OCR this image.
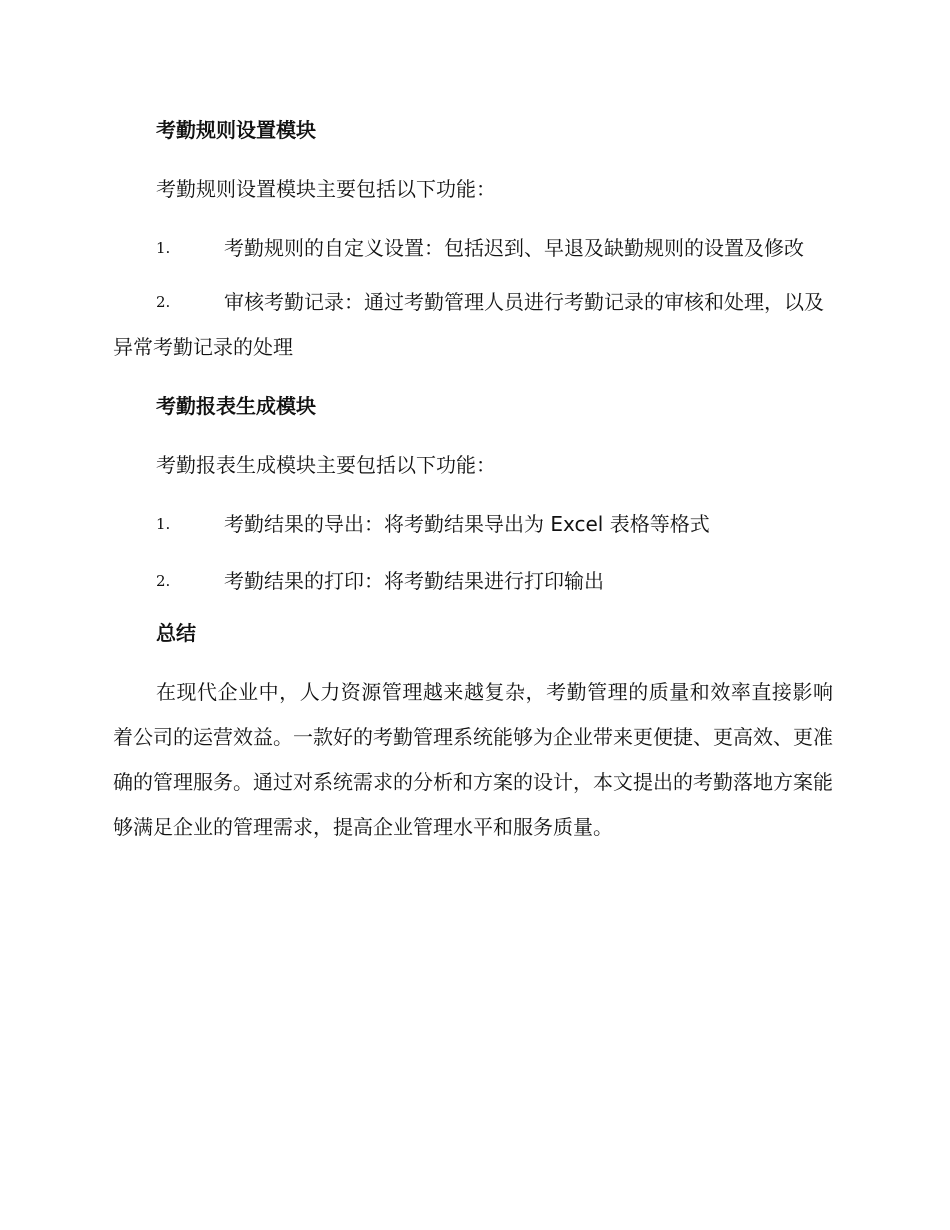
考勤规则设置模块
考勤规则设置模块主要包括以下功能：
1.	考勤规则的自定义设置：包括迟到、早退及缺勤规则的设置及修改
2.	审核考勤记录：通过考勤管理人员进行考勤记录的审核和处理，以及异常考勤记录的处理
考勤报表生成模块
考勤报表生成模块主要包括以下功能：
1.	考勤结果的导出：将考勤结果导出为 Excel 表格等格式
2.	考勤结果的打印：将考勤结果进行打印输出
总结
在现代企业中，人力资源管理越来越复杂，考勤管理的质量和效率直接影响着公司的运营效益。一款好的考勤管理系统能够为企业带来更便捷、更高效、更准确的管理服务。通过对系统需求的分析和方案的设计，本文提出的考勤落地方案能够满足企业的管理需求，提高企业管理水平和服务质量。
